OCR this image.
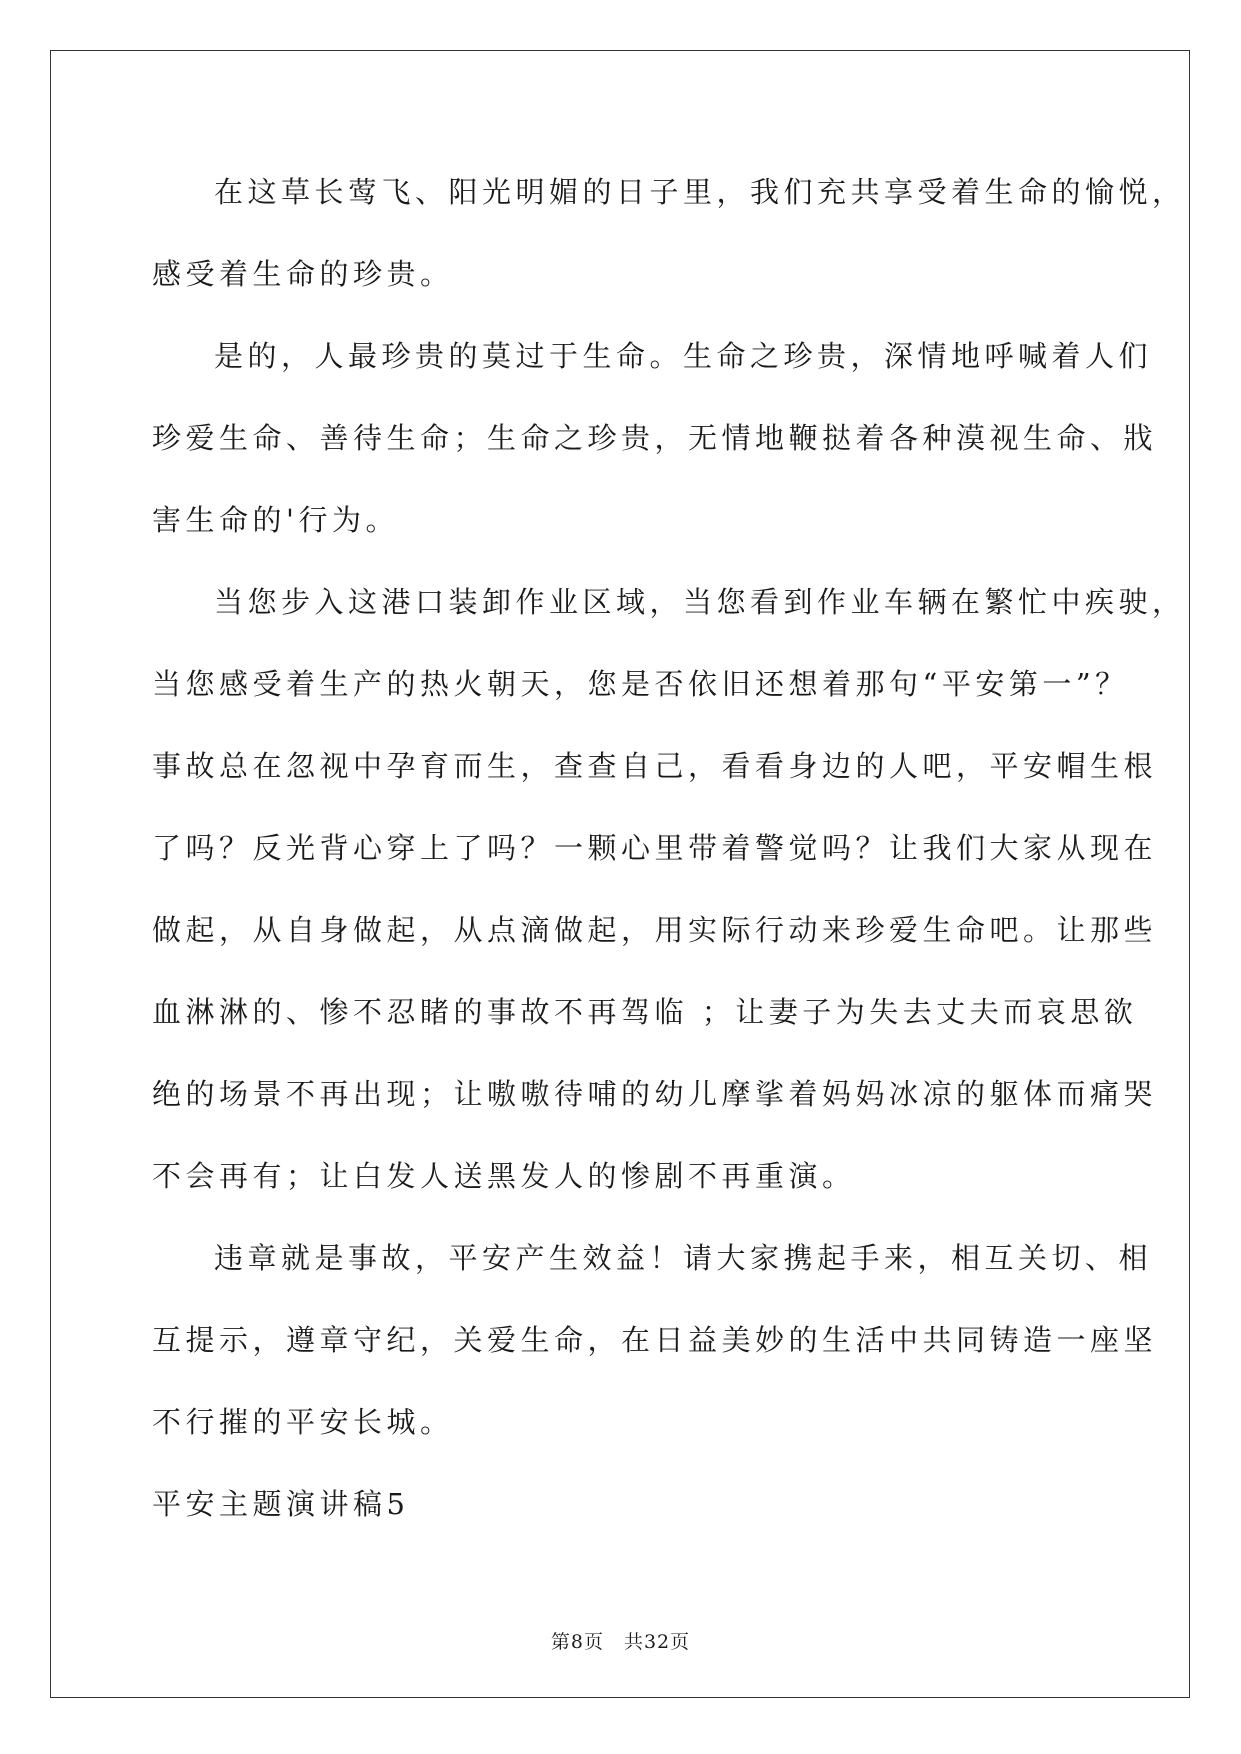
在这草长莺飞、阳光明媚的日子里，我们充共享受着生命的愉悦，
感受着生命的珍贵。
是的，人最珍贵的莫过于生命。生命之珍贵，深情地呼喊着人们
珍爱生命、善待生命；生命之珍贵，无情地鞭挞着各种漠视生命、戕
害生命的'行为。
当您步入这港口装卸作业区域，当您看到作业车辆在繁忙中疾驶，
当您感受着生产的热火朝天，您是否依旧还想着那句“平安第一”？
事故总在忽视中孕育而生，查查自己，看看身边的人吧，平安帽生根
了吗？反光背心穿上了吗？一颗心里带着警觉吗？让我们大家从现在
做起，从自身做起，从点滴做起，用实际行动来珍爱生命吧。让那些
血淋淋的、惨不忍睹的事故不再驾临 ；让妻子为失去丈夫而哀思欲
绝的场景不再出现；让嗷嗷待哺的幼儿摩挲着妈妈冰凉的躯体而痛哭
不会再有；让白发人送黑发人的惨剧不再重演。
违章就是事故，平安产生效益！请大家携起手来，相互关切、相
互提示，遵章守纪，关爱生命，在日益美妙的生活中共同铸造一座坚
不行摧的平安长城。
平安主题演讲稿5
第8页　共32页
